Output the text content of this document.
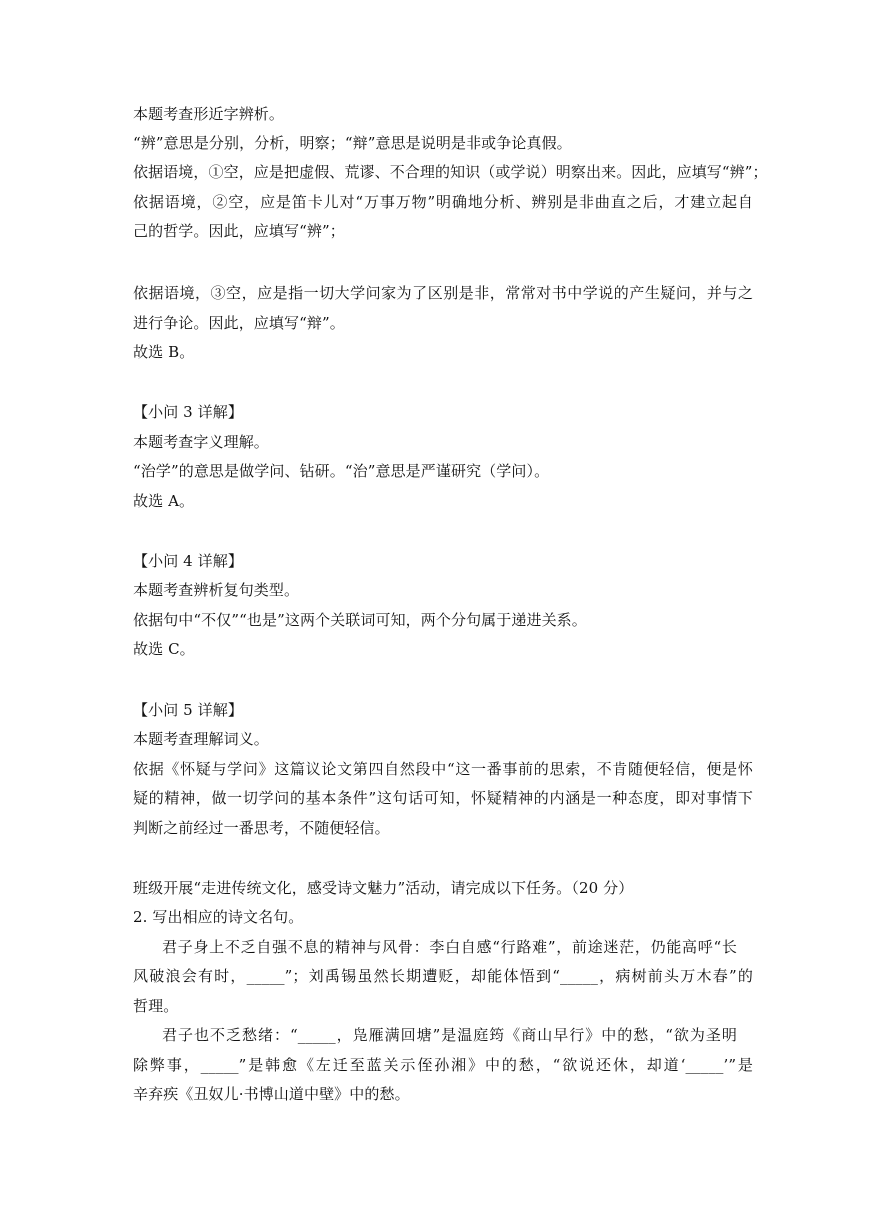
本题考查形近字辨析。
“辨”意思是分别，分析，明察；“辩”意思是说明是非或争论真假。
依据语境，①空，应是把虚假、荒谬、不合理的知识（或学说）明察出来。因此，应填写“辨”；
依据语境，②空，应是笛卡儿对“万事万物”明确地分析、辨别是非曲直之后，才建立起自
己的哲学。因此，应填写“辨”；
依据语境，③空，应是指一切大学问家为了区别是非，常常对书中学说的产生疑问，并与之
进行争论。因此，应填写“辩”。
故选 B。
【小问 3 详解】
本题考查字义理解。
“治学”的意思是做学问、钻研。“治”意思是严谨研究（学问）。
故选 A。
【小问 4 详解】
本题考查辨析复句类型。
依据句中“不仅”“也是”这两个关联词可知，两个分句属于递进关系。
故选 C。
【小问 5 详解】
本题考查理解词义。
依据《怀疑与学问》这篇议论文第四自然段中“这一番事前的思索，不肯随便轻信，便是怀
疑的精神，做一切学问的基本条件”这句话可知，怀疑精神的内涵是一种态度，即对事情下
判断之前经过一番思考，不随便轻信。
班级开展“走进传统文化，感受诗文魅力”活动，请完成以下任务。（20 分）
2. 写出相应的诗文名句。
君子身上不乏自强不息的精神与风骨：李白自感“行路难”，前途迷茫，仍能高呼“长
风破浪会有时，_____”；刘禹锡虽然长期遭贬，却能体悟到“_____，病树前头万木春”的
哲理。
君子也不乏愁绪：“_____，凫雁满回塘”是温庭筠《商山早行》中的愁，“欲为圣明
除弊事，_____”是韩愈《左迁至蓝关示侄孙湘》中的愁，“欲说还休，却道‘_____’”是
辛弃疾《丑奴儿·书博山道中壁》中的愁。
